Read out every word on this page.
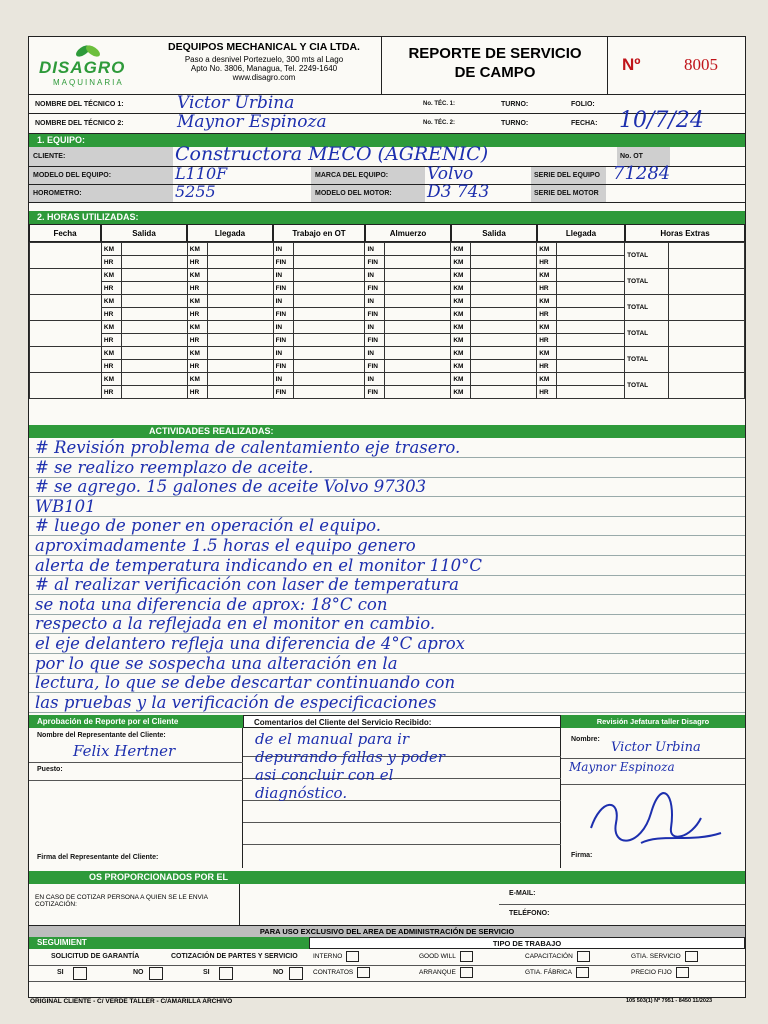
DISAGRO
MAQUINARIA
DEQUIPOS MECHANICAL Y CIA LTDA.
Paso a desnivel Portezuelo, 300 mts al Lago
Apto No. 3806, Managua, Tel. 2249-1640
www.disagro.com
REPORTE DE SERVICIO
DE CAMPO	Nº	8005
NOMBRE DEL TÉCNICO 1:	Victor Urbina	No. TÉC. 1:	TURNO:	FOLIO:
NOMBRE DEL TÉCNICO 2:	Maynor Espinoza	No. TÉC. 2:	TURNO:	FECHA: 10/7/24
1. EQUIPO:
CLIENTE:	Constructora MECO (AGRENIC)	No. OT
MODELO DEL EQUIPO:	L110F	MARCA DEL EQUIPO:	Volvo	SERIE DEL EQUIPO 71284
HOROMETRO:	5255	MODELO DEL MOTOR:	D3 743	SERIE DEL MOTOR
2. HORAS UTILIZADAS:
Fecha	Salida	Llegada	Trabajo en OT	Almuerzo	Salida	Llegada	Horas Extras
	KM		KM		IN		IN		KM		KM		TOTAL	
	HR		HR		FIN		FIN		KM		HR			
	KM		KM		IN		IN		KM		KM		TOTAL	
	HR		HR		FIN		FIN		KM		HR			
	KM		KM		IN		IN		KM		KM		TOTAL	
	HR		HR		FIN		FIN		KM		HR			
	KM		KM		IN		IN		KM		KM		TOTAL	
	HR		HR		FIN		FIN		KM		HR			
	KM		KM		IN		IN		KM		KM		TOTAL	
	HR		HR		FIN		FIN		KM		HR			
	KM		KM		IN		IN		KM		KM		TOTAL	
	HR		HR		FIN		FIN		KM		HR			
ACTIVIDADES REALIZADAS:
# Revisión problema de calentamiento eje trasero.
# se realizo reemplazo de aceite.
# se agrego. 15 galones de aceite Volvo 97303
WB101
# luego de poner en operación el equipo.
aproximadamente 1.5 horas el equipo genero
alerta de temperatura indicando en el monitor 110°C
# al realizar verificación con laser de temperatura
se nota una diferencia de aprox: 18°C con
respecto a la reflejada en el monitor en cambio.
el eje delantero refleja una diferencia de 4°C aprox
por lo que se sospecha una alteración en la
lectura, lo que se debe descartar continuando con
las pruebas y la verificación de especificaciones
Aprobación de Reporte por el Cliente	Comentarios del Cliente del Servicio Recibido:	Revisión Jefatura taller Disagro
Nombre del Representante del Cliente:
Felix Hertner
Puesto:
Firma del Representante del Cliente:
de el manual para ir
depurando fallas y poder
asi concluir con el
diagnóstico.
Nombre:
Victor Urbina
Maynor Espinoza
Firma:
OS PROPORCIONADOS POR EL
EN CASO DE COTIZAR PERSONA A QUIEN SE LE ENVIA COTIZACIÓN:
E-MAIL:
TELÉFONO:
PARA USO EXCLUSIVO DEL AREA DE ADMINISTRACIÓN DE SERVICIO
SEGUIMIENT	TIPO DE TRABAJO
SOLICITUD DE GARANTÍA	COTIZACIÓN DE PARTES Y SERVICIO
SI	NO	SI	NO
INTERNO	GOOD WILL	CAPACITACIÓN	GTIA. SERVICIO
CONTRATOS	ARRANQUE	GTIA. FÁBRICA	PRECIO FIJO
ORIGINAL CLIENTE - C/ VERDE TALLER - C/AMARILLA ARCHIVO	105 503(1) Nº 7951 - 8450 11/2023
